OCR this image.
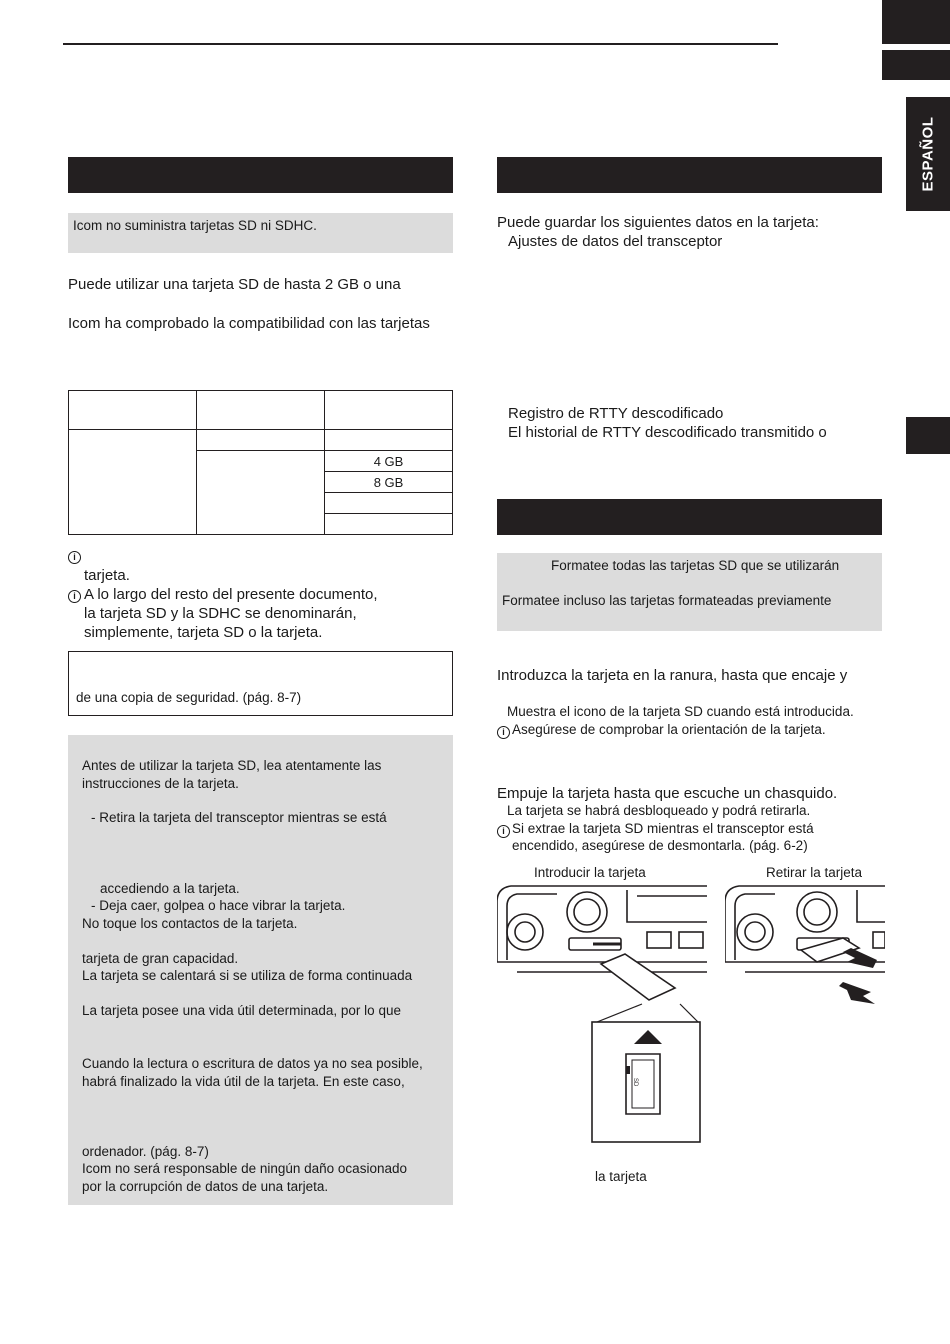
ESPAÑOL
Icom no suministra tarjetas SD ni SDHC.
Puede utilizar una tarjeta SD de hasta 2 GB o una
Icom ha comprobado la compatibilidad con las tarjetas

		4 GB
		8 GB

i
tarjeta.
i A lo largo del resto del presente documento,
la tarjeta SD y la SDHC se denominarán,
simplemente, tarjeta SD o la tarjeta.
de una copia de seguridad. (pág. 8-7)
Antes de utilizar la tarjeta SD, lea atentamente las
instrucciones de la tarjeta.
- Retira la tarjeta del transceptor mientras se está
accediendo a la tarjeta.
- Deja caer, golpea o hace vibrar la tarjeta.
No toque los contactos de la tarjeta.
tarjeta de gran capacidad.
La tarjeta se calentará si se utiliza de forma continuada
La tarjeta posee una vida útil determinada, por lo que
Cuando la lectura o escritura de datos ya no sea posible,
habrá finalizado la vida útil de la tarjeta. En este caso,
ordenador. (pág. 8-7)
Icom no será responsable de ningún daño ocasionado
por la corrupción de datos de una tarjeta.
Puede guardar los siguientes datos en la tarjeta:
Ajustes de datos del transceptor
Registro de RTTY descodificado
El historial de RTTY descodificado transmitido o
Formatee todas las tarjetas SD que se utilizarán
Formatee incluso las tarjetas formateadas previamente
Introduzca la tarjeta en la ranura, hasta que encaje y
Muestra el icono de la tarjeta SD cuando está introducida.
i Asegúrese de comprobar la orientación de la tarjeta.
Empuje la tarjeta hasta que escuche un chasquido.
La tarjeta se habrá desbloqueado y podrá retirarla.
i Si extrae la tarjeta SD mientras el transceptor está
encendido, asegúrese de desmontarla. (pág. 6-2)
Introducir la tarjeta	Retirar la tarjeta
SD
la tarjeta
